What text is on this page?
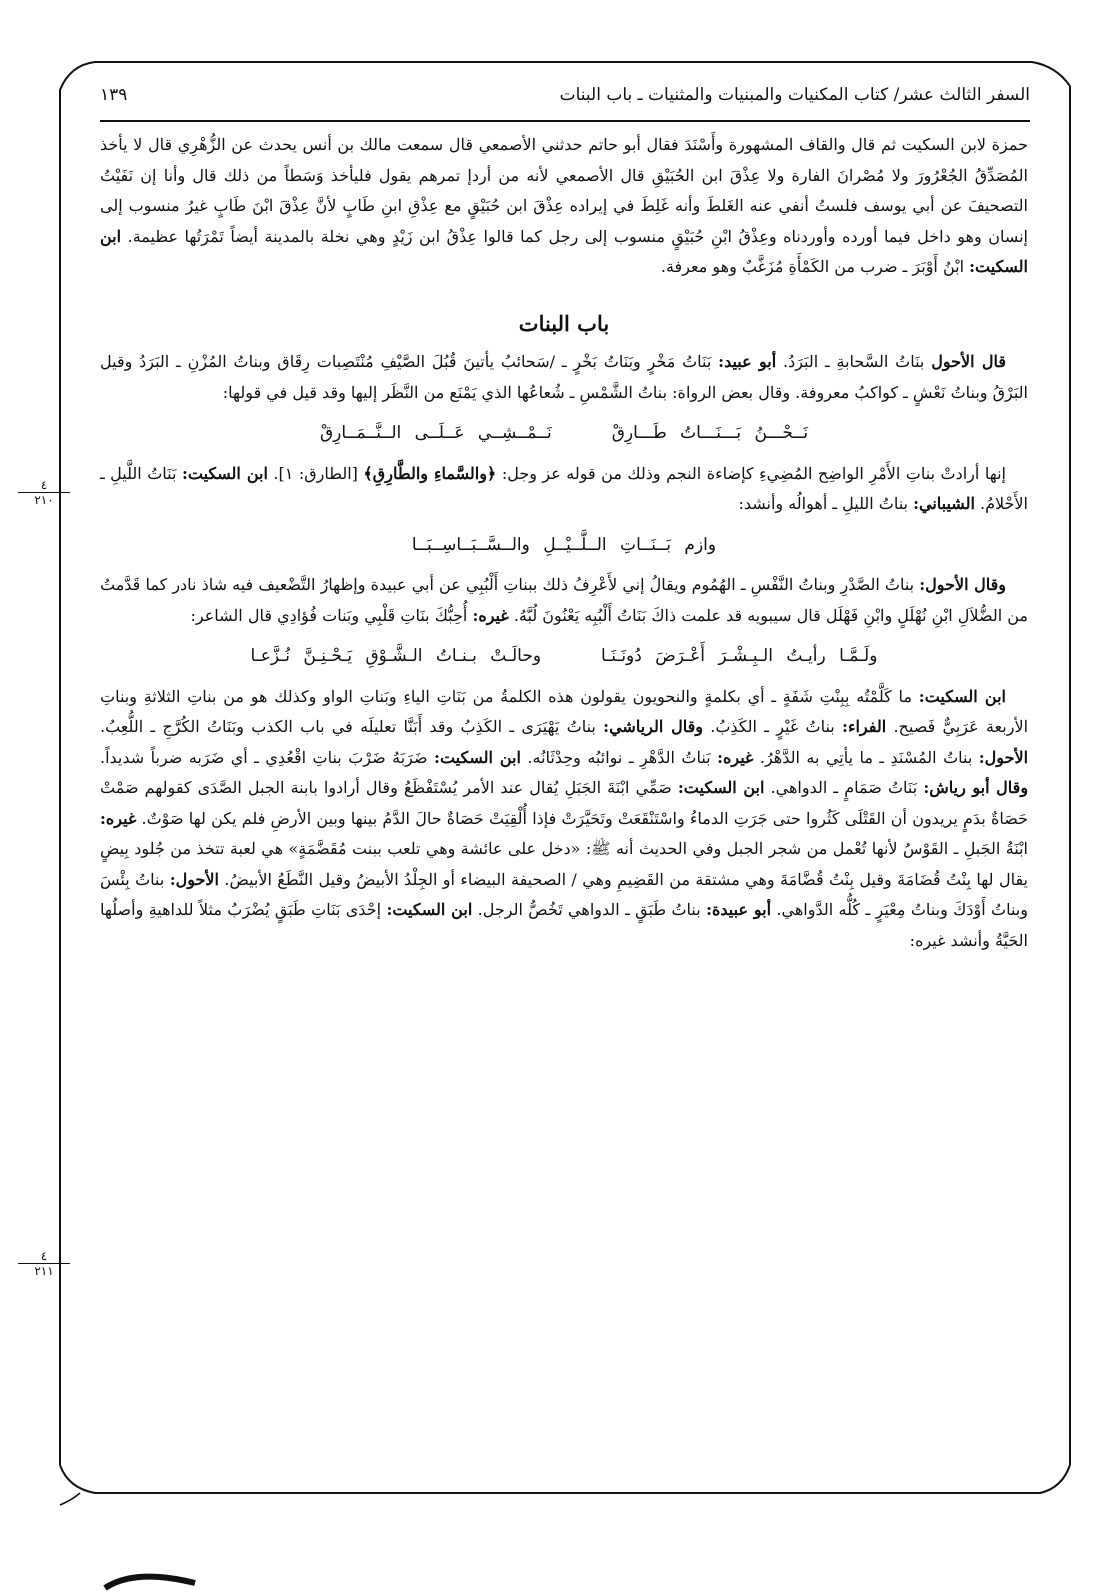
السفر الثالث عشر/ كتاب المكنيات والمبنيات والمثنيات ـ باب البنات
١٣٩

حمزة لابن السكيت ثم قال والقاف المشهورة وأَسْنَدَ فقال أبو حاتم حدثني الأصمعي قال سمعت مالك بن أنس يحدث عن الزُّهْرِي قال لا يأخذ المُصَدِّقُ الجُعْرُورَ ولا مُصْرانَ الفارة ولا عِذْقَ ابن الحُبَيْقِ قال الأصمعي لأنه من أردإ تمرهم يقول فليأخذ وَسَطاً من ذلك قال وأنا إن نَفَيْتُ التصحيفَ عن أبي يوسف فلستُ أنفي عنه الغَلطَ وأنه غَلِطَ في إيراده عِذْقَ ابن حُبَيْقٍ مع عِذْقِ ابنِ طَابٍ لأنَّ عِذْقَ ابْنَ طَابٍ غيرُ منسوب إلى إنسان وهو داخل فيما أورده وأوردناه وعِذْقُ ابْنِ حُبَيْقٍ منسوب إلى رجل كما قالوا عِذْقُ ابن زَيْدٍ وهي نخلة بالمدينة أيضاً تَمْرَتُها عظيمة. ابن السكيت: ابْنُ أَوْبَرَ ـ ضرب من الكَمْأَةِ مُزَغَّبٌ وهو معرفة.

باب البنات

قال الأحول بنَاتُ السَّحابةِ ـ البَرَدُ. أبو عبيد: بَنَاتُ مَخْرٍ وبَنَاتُ بَخْرٍ ـ /سَحائبُ يأتينَ قُبُلَ الصَّيْفِ مُنْتَصِبات رِقَاق وبناتُ المُزْنِ ـ البَرَدُ وقيل البَرْقُ وبناتُ نَعْشٍ ـ كواكبُ معروفة. وقال بعض الرواة: بناتُ الشَّمْسِ ـ شُعاعُها الذي يَمْنَع من النَّظَر إليها وقد قيل في قولها:

نَــحْـــنُ بَـــنَـــاتُ طَـــارِقْ
نَــمْــشِــي عَــلَــى الــنَّــمَــارِقْ

إنها أرادتْ بناتِ الأَمْرِ الواضِح المُضِيءِ كإضاءة النجم وذلك من قوله عز وجل: ﴿والسَّماءِ والطَّارِقِ﴾ [الطارق: ١]. ابن السكيت: بَنَاتُ اللَّيلِ ـ الأَحْلامُ. الشيباني: بناتُ الليلِ ـ أهوالُه وأنشد:

وازم بَــنَــاتِ الــلَّــيْــلِ والــسَّــبَــاسِــبَــا

وقال الأحول: بناتُ الصَّدْرِ وبناتُ النَّفْسِ ـ الهُمُوم ويقالُ إني لأَعْرِفُ ذلك ببناتِ أَلْبُبِي عن أبي عبيدة وإظهارُ التَّضْعيف فيه شاذ نادر كما قَدَّمتُ من الضُّلاَلِ ابْنِ نُهْلَلٍ وابْنِ فَهْلَل قال سيبويه قد علمت ذاكَ بَنَاتُ أَلْبُبِه يَعْنُونَ لُبَّهُ. غيره: أُحِبُّكَ بنَاتِ قَلْبِي وبَنات فُؤادِي قال الشاعر:

ولَـمَّـا رأيـتُ الـبِـشْـرَ أَعْـرَضَ دُونَـنَـا
وحالَـتْ بـنـاتُ الـشَّـوْقِ يَـحْـنِـنَّ نُـزَّعـا

ابن السكيت: ما كَلَّمْتُه بِبِنْتِ شَفَةٍ ـ أي بكلمةٍ والنحويون يقولون هذه الكلمةُ من بَنَاتِ الياءِ وبَناتِ الواو وكذلك هو من بناتِ الثلاثةِ وبناتِ الأربعة عَرَبِيٌّ فَصيح. الفراء: بناتُ غَيْرٍ ـ الكَذِبُ. وقال الرياشي: بناتُ يَهْيَرَى ـ الكَذِبُ وقد أَبَنَّا تعليلَه في باب الكذب وبَنَاتُ الكُرَّجِ ـ اللُّعِبُ. الأحول: بناتُ المُسْنَدِ ـ ما يأتِي به الدَّهْرُ. غيره: بَناتُ الدَّهْرِ ـ نوائبُه وحِدْثَانُه. ابن السكيت: ضَرَبَهُ ضَرْبَ بناتِ اقْعُدِي ـ أي ضَرَبه ضرباً شديداً. وقال أبو رياش: بَنَاتُ صَمَامٍ ـ الدواهي. ابن السكيت: صَمِّي ابْنَةَ الجَبَلِ يُقال عند الأمر يُسْتَفْظَعُ وقال أرادوا بابنة الجبل الصَّدَى كقولهم صَمْتْ حَصَاةٌ بدَمٍ يريدون أن القَتْلَى كَثُروا حتى جَرَتِ الدماءُ واسْتَنْقَعَتْ وتَحَيَّرَتْ فإذا أُلْقِيَتْ حَصَاةٌ حالَ الدَّمُ بينها وبين الأرضِ فلم يكن لها صَوْتٌ. غيره: ابْنَةُ الجَبلِ ـ القَوْسُ لأنها تُعْمل من شجر الجبل وفي الحديث أنه ﷺ: «دخل على عائشة وهي تلعب ببنت مُقَضَّمَةٍ» هي لعبة تتخذ من جُلود بِيضٍ يقال لها بِنْتُ قُضَامَةَ وقيل بِنْتُ قُضَّامَةَ وهي مشتقة من القَضِيمِ وهي / الصحيفة البيضاء أو الجِلْدُ الأبيضُ وقيل النَّطَعُ الأبيضُ. الأحول: بناتُ بِئْسَ وبناتُ أَوْدَكَ وبناتُ مِعْيَرٍ ـ كُلُّه الدَّواهي. أبو عبيدة: بناتُ طَبَقٍ ـ الدواهي تَخُصُّ الرجل. ابن السكيت: إحْدَى بَنَاتِ طَبَقٍ يُضْرَبُ مثلاً للداهيةِ وأصلُها الحَيَّةُ وأنشد غيره:

٤
٢١٠
٤
٢١١
